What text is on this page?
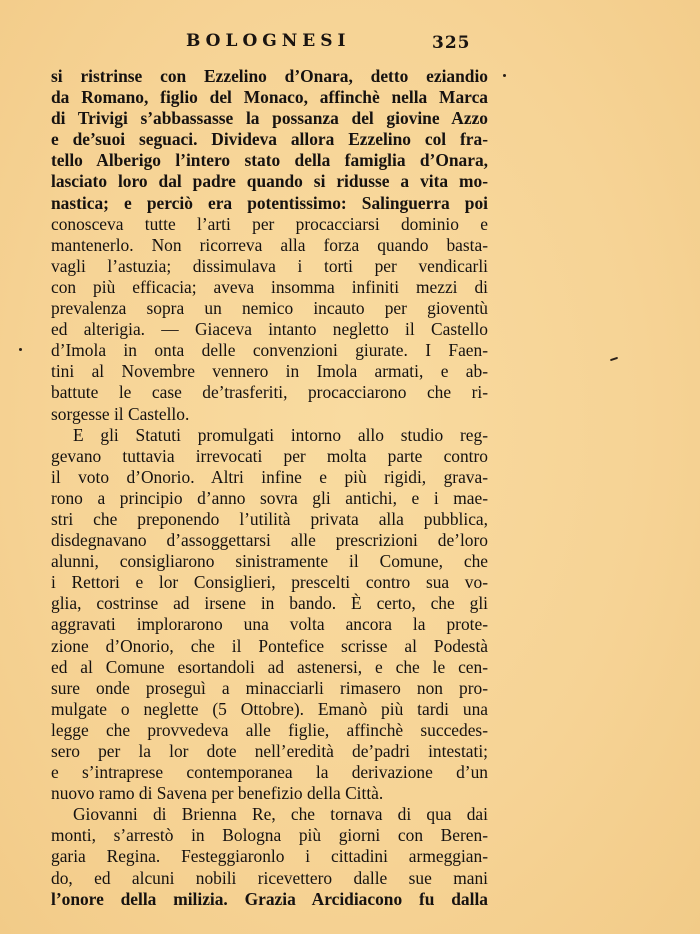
BOLOGNESI	325
si ristrinse con Ezzelino d’Onara, detto eziandio
da Romano, figlio del Monaco, affinchè nella Marca
di Trivigi s’abbassasse la possanza del giovine Azzo
e de’suoi seguaci. Divideva allora Ezzelino col fra-
tello Alberigo l’intero stato della famiglia d’Onara,
lasciato loro dal padre quando si ridusse a vita mo-
nastica; e perciò era potentissimo: Salinguerra poi
conosceva tutte l’arti per procacciarsi dominio e
mantenerlo. Non ricorreva alla forza quando basta-
vagli l’astuzia; dissimulava i torti per vendicarli
con più efficacia; aveva insomma infiniti mezzi di
prevalenza sopra un nemico incauto per gioventù
ed alterigia. — Giaceva intanto negletto il Castello
d’Imola in onta delle convenzioni giurate. I Faen-
tini al Novembre vennero in Imola armati, e ab-
battute le case de’trasferiti, procacciarono che ri-
sorgesse il Castello.
E gli Statuti promulgati intorno allo studio reg-
gevano tuttavia irrevocati per molta parte contro
il voto d’Onorio. Altri infine e più rigidi, grava-
rono a principio d’anno sovra gli antichi, e i mae-
stri che preponendo l’utilità privata alla pubblica,
disdegnavano d’assoggettarsi alle prescrizioni de’loro
alunni, consigliarono sinistramente il Comune, che
i Rettori e lor Consiglieri, prescelti contro sua vo-
glia, costrinse ad irsene in bando. È certo, che gli
aggravati implorarono una volta ancora la prote-
zione d’Onorio, che il Pontefice scrisse al Podestà
ed al Comune esortandoli ad astenersi, e che le cen-
sure onde proseguì a minacciarli rimasero non pro-
mulgate o neglette (5 Ottobre). Emanò più tardi una
legge che provvedeva alle figlie, affinchè succedes-
sero per la lor dote nell’eredità de’padri intestati;
e s’intraprese contemporanea la derivazione d’un
nuovo ramo di Savena per benefizio della Città.
Giovanni di Brienna Re, che tornava di qua dai
monti, s’arrestò in Bologna più giorni con Beren-
garia Regina. Festeggiaronlo i cittadini armeggian-
do, ed alcuni nobili ricevettero dalle sue mani
l’onore della milizia. Grazia Arcidiacono fu dalla
